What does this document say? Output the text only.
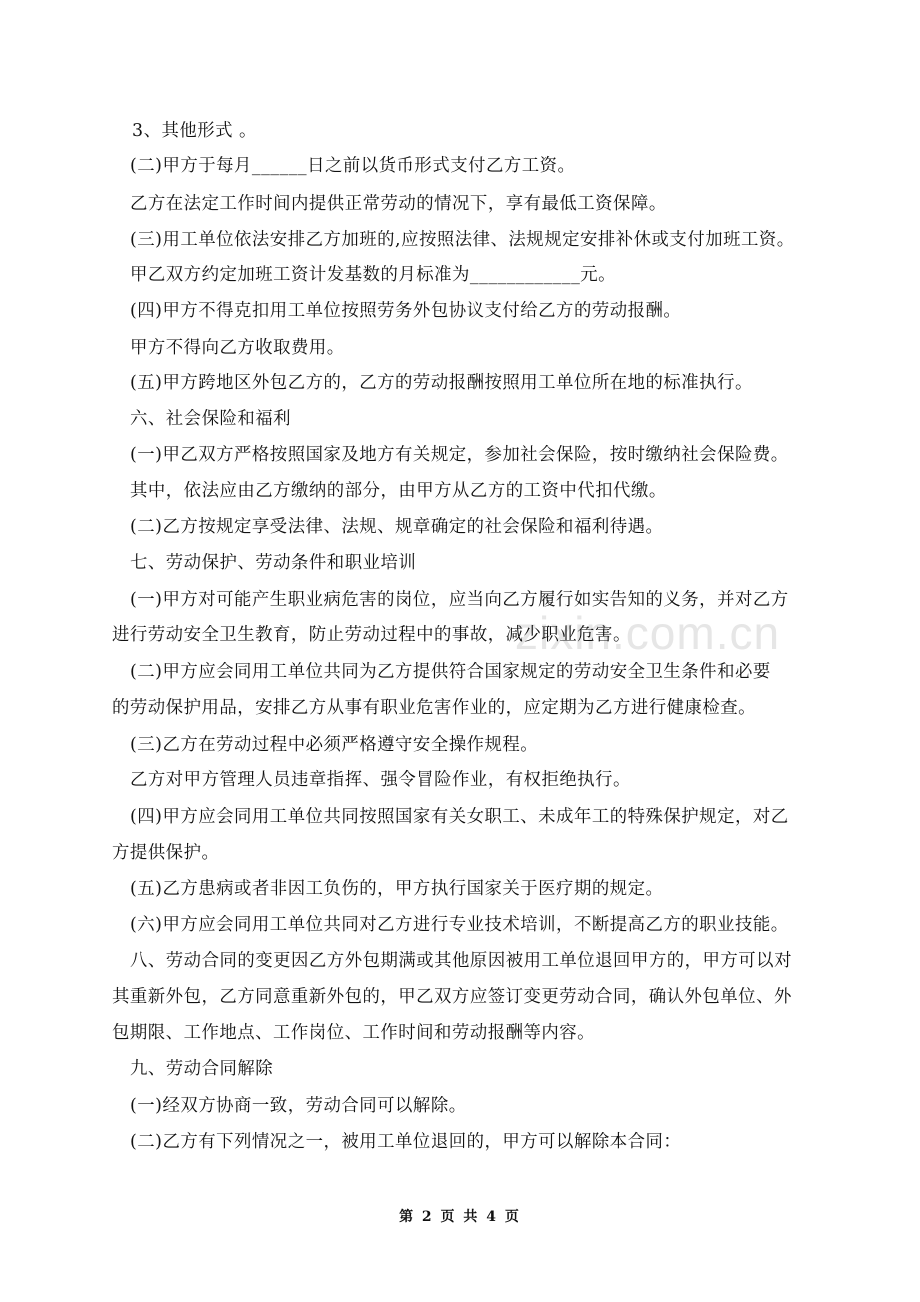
zixin.com.cn
3、其他形式 。
(二)甲方于每月______日之前以货币形式支付乙方工资。
乙方在法定工作时间内提供正常劳动的情况下，享有最低工资保障。
(三)用工单位依法安排乙方加班的,应按照法律、法规规定安排补休或支付加班工资。
甲乙双方约定加班工资计发基数的月标准为____________元。
(四)甲方不得克扣用工单位按照劳务外包协议支付给乙方的劳动报酬。
甲方不得向乙方收取费用。
(五)甲方跨地区外包乙方的，乙方的劳动报酬按照用工单位所在地的标准执行。
六、社会保险和福利
(一)甲乙双方严格按照国家及地方有关规定，参加社会保险，按时缴纳社会保险费。
其中，依法应由乙方缴纳的部分，由甲方从乙方的工资中代扣代缴。
(二)乙方按规定享受法律、法规、规章确定的社会保险和福利待遇。
七、劳动保护、劳动条件和职业培训
(一)甲方对可能产生职业病危害的岗位，应当向乙方履行如实告知的义务，并对乙方
进行劳动安全卫生教育，防止劳动过程中的事故，减少职业危害。
(二)甲方应会同用工单位共同为乙方提供符合国家规定的劳动安全卫生条件和必要
的劳动保护用品，安排乙方从事有职业危害作业的，应定期为乙方进行健康检查。
(三)乙方在劳动过程中必须严格遵守安全操作规程。
乙方对甲方管理人员违章指挥、强令冒险作业，有权拒绝执行。
(四)甲方应会同用工单位共同按照国家有关女职工、未成年工的特殊保护规定，对乙
方提供保护。
(五)乙方患病或者非因工负伤的，甲方执行国家关于医疗期的规定。
(六)甲方应会同用工单位共同对乙方进行专业技术培训，不断提高乙方的职业技能。
八、劳动合同的变更因乙方外包期满或其他原因被用工单位退回甲方的，甲方可以对
其重新外包，乙方同意重新外包的，甲乙双方应签订变更劳动合同，确认外包单位、外
包期限、工作地点、工作岗位、工作时间和劳动报酬等内容。
九、劳动合同解除
(一)经双方协商一致，劳动合同可以解除。
(二)乙方有下列情况之一，被用工单位退回的，甲方可以解除本合同：
第 2 页 共 4 页
